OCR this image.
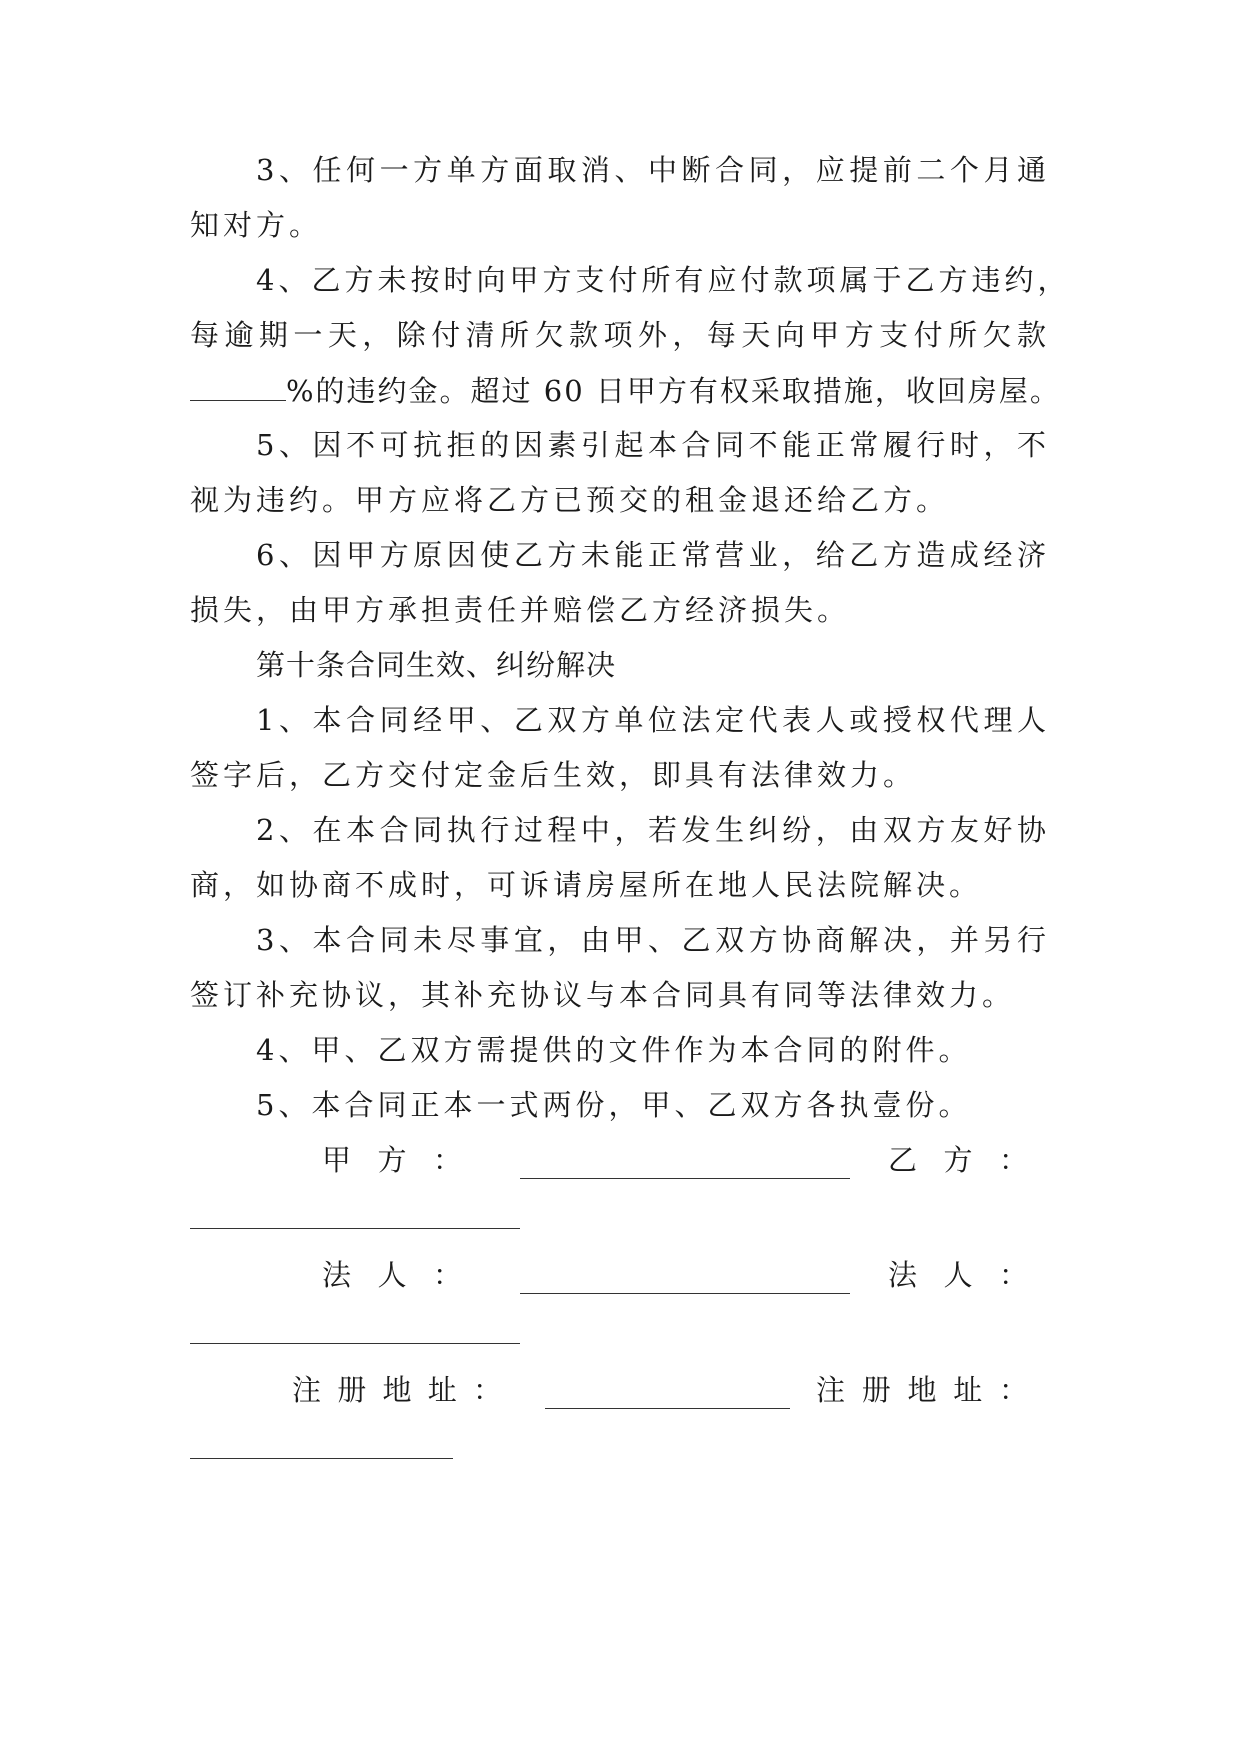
3、任何一方单方面取消、中断合同，应提前二个月通
知对方。
4、乙方未按时向甲方支付所有应付款项属于乙方违约，
每逾期一天，除付清所欠款项外，每天向甲方支付所欠款
%的违约金。超过 60 日甲方有权采取措施，收回房屋。
5、因不可抗拒的因素引起本合同不能正常履行时，不
视为违约。甲方应将乙方已预交的租金退还给乙方。
6、因甲方原因使乙方未能正常营业，给乙方造成经济
损失，由甲方承担责任并赔偿乙方经济损失。
第十条合同生效、纠纷解决
1、本合同经甲、乙双方单位法定代表人或授权代理人
签字后，乙方交付定金后生效，即具有法律效力。
2、在本合同执行过程中，若发生纠纷，由双方友好协
商，如协商不成时，可诉请房屋所在地人民法院解决。
3、本合同未尽事宜，由甲、乙双方协商解决，并另行
签订补充协议，其补充协议与本合同具有同等法律效力。
4、甲、乙双方需提供的文件作为本合同的附件。
5、本合同正本一式两份，甲、乙双方各执壹份。
甲方：	乙方：
法人：	法人：
注册地址：	注册地址：
